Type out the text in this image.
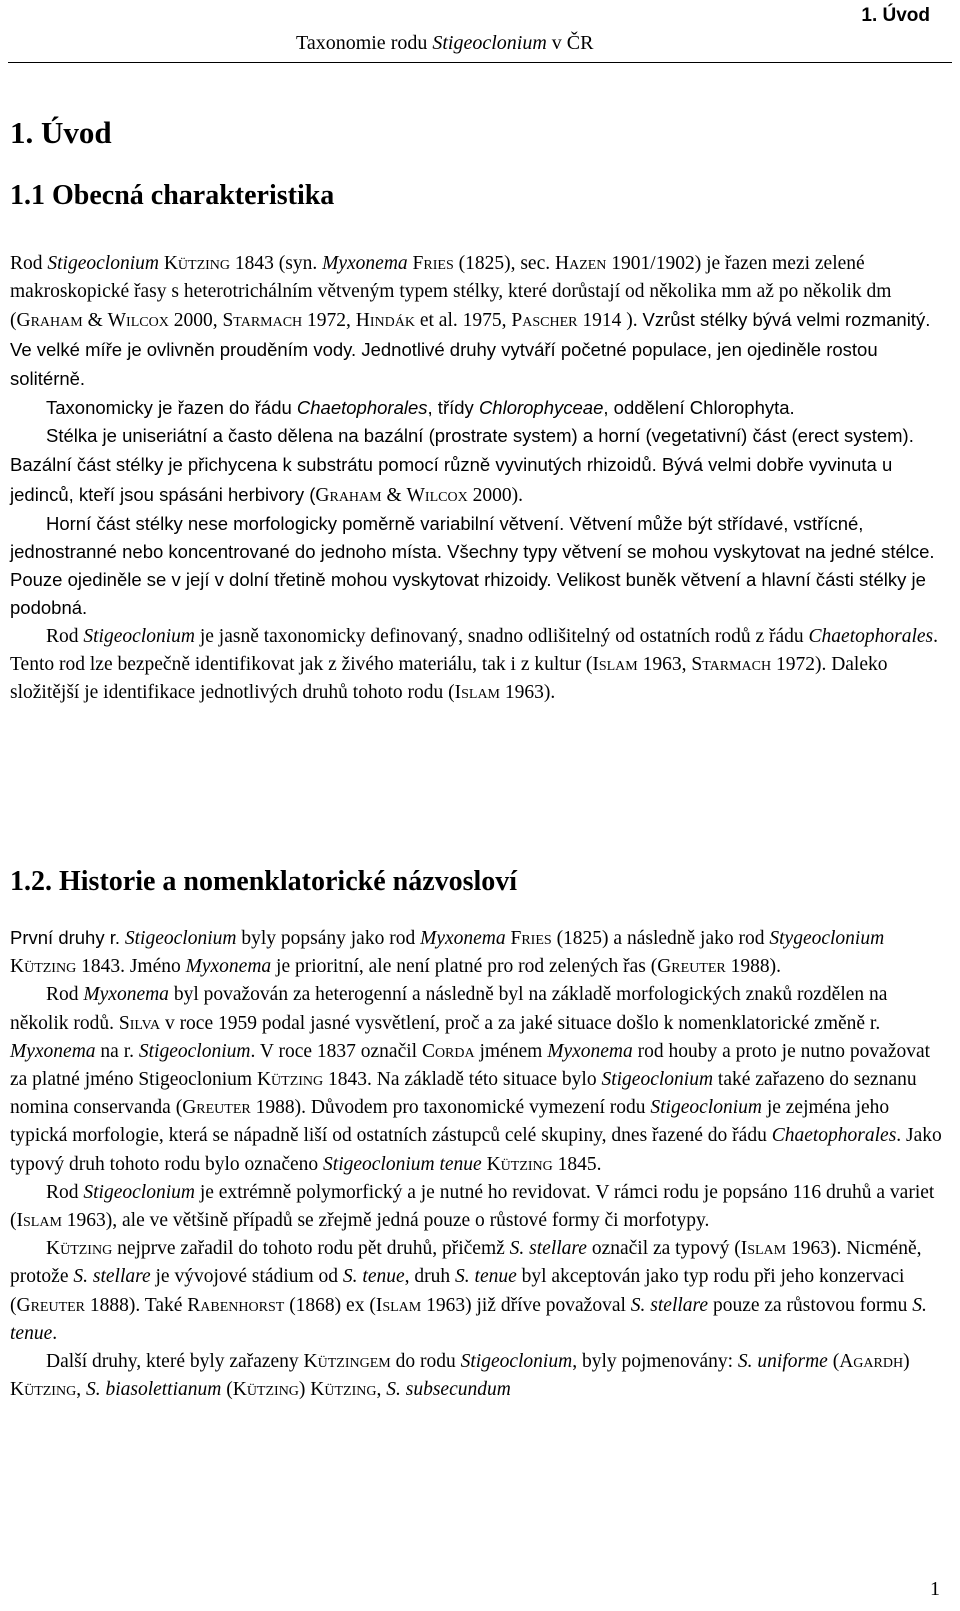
Taxonomie rodu Stigeoclonium v ČR
1. Úvod
1. Úvod
1.1 Obecná charakteristika

Rod Stigeoclonium Kützing 1843 (syn. Myxonema Fries (1825), sec. Hazen 1901/1902) je řazen mezi zelené makroskopické řasy s heterotrichálním větveným typem stélky, které dorůstají od několika mm až po několik dm (Graham & Wilcox 2000, Starmach 1972, Hindák et al. 1975, Pascher 1914 ). Vzrůst stélky bývá velmi rozmanitý. Ve velké míře je ovlivněn prouděním vody. Jednotlivé druhy vytváří početné populace, jen ojediněle rostou solitérně.

Taxonomicky je řazen do řádu Chaetophorales, třídy Chlorophyceae, oddělení Chlorophyta.

Stélka je uniseriátní a často dělena na bazální (prostrate system) a horní (vegetativní) část (erect system). Bazální část stélky je přichycena k substrátu pomocí různě vyvinutých rhizoidů. Bývá velmi dobře vyvinuta u jedinců, kteří jsou spásáni herbivory (Graham & Wilcox 2000).

Horní část stélky nese morfologicky poměrně variabilní větvení. Větvení může být střídavé, vstřícné, jednostranné nebo koncentrované do jednoho místa. Všechny typy větvení se mohou vyskytovat na jedné stélce. Pouze ojediněle se v její v dolní třetině mohou vyskytovat rhizoidy. Velikost buněk větvení a hlavní části stélky je podobná.

Rod Stigeoclonium je jasně taxonomicky definovaný, snadno odlišitelný od ostatních rodů z řádu Chaetophorales. Tento rod lze bezpečně identifikovat jak z živého materiálu, tak i z kultur (Islam 1963, Starmach 1972). Daleko složitější je identifikace jednotlivých druhů tohoto rodu (Islam 1963).

1.2. Historie a nomenklatorické názvosloví

První druhy r. Stigeoclonium byly popsány jako rod Myxonema Fries (1825) a následně jako rod Stygeoclonium Kützing 1843. Jméno Myxonema je prioritní, ale není platné pro rod zelených řas (Greuter 1988).

Rod Myxonema byl považován za heterogenní a následně byl na základě morfologických znaků rozdělen na několik rodů. Silva v roce 1959 podal jasné vysvětlení, proč a za jaké situace došlo k nomenklatorické změně r. Myxonema na r. Stigeoclonium. V roce 1837 označil Corda jménem Myxonema rod houby a proto je nutno považovat za platné jméno Stigeoclonium Kützing 1843. Na základě této situace bylo Stigeoclonium také zařazeno do seznanu nomina conservanda (Greuter 1988). Důvodem pro taxonomické vymezení rodu Stigeoclonium je zejména jeho typická morfologie, která se nápadně liší od ostatních zástupců celé skupiny, dnes řazené do řádu Chaetophorales. Jako typový druh tohoto rodu bylo označeno Stigeoclonium tenue Kützing 1845.

Rod Stigeoclonium je extrémně polymorfický a je nutné ho revidovat. V rámci rodu je popsáno 116 druhů a variet (Islam 1963), ale ve většině případů se zřejmě jedná pouze o růstové formy či morfotypy.

Kützing nejprve zařadil do tohoto rodu pět druhů, přičemž S. stellare označil za typový (Islam 1963). Nicméně, protože S. stellare je vývojové stádium od S. tenue, druh S. tenue byl akceptován jako typ rodu při jeho konzervaci (Greuter 1888). Také Rabenhorst (1868) ex (Islam 1963) již dříve považoval S. stellare pouze za růstovou formu S. tenue.

Další druhy, které byly zařazeny Kützingem do rodu Stigeoclonium, byly pojmenovány: S. uniforme (Agardh) Kützing, S. biasolettianum (Kützing) Kützing, S. subsecundum

1
